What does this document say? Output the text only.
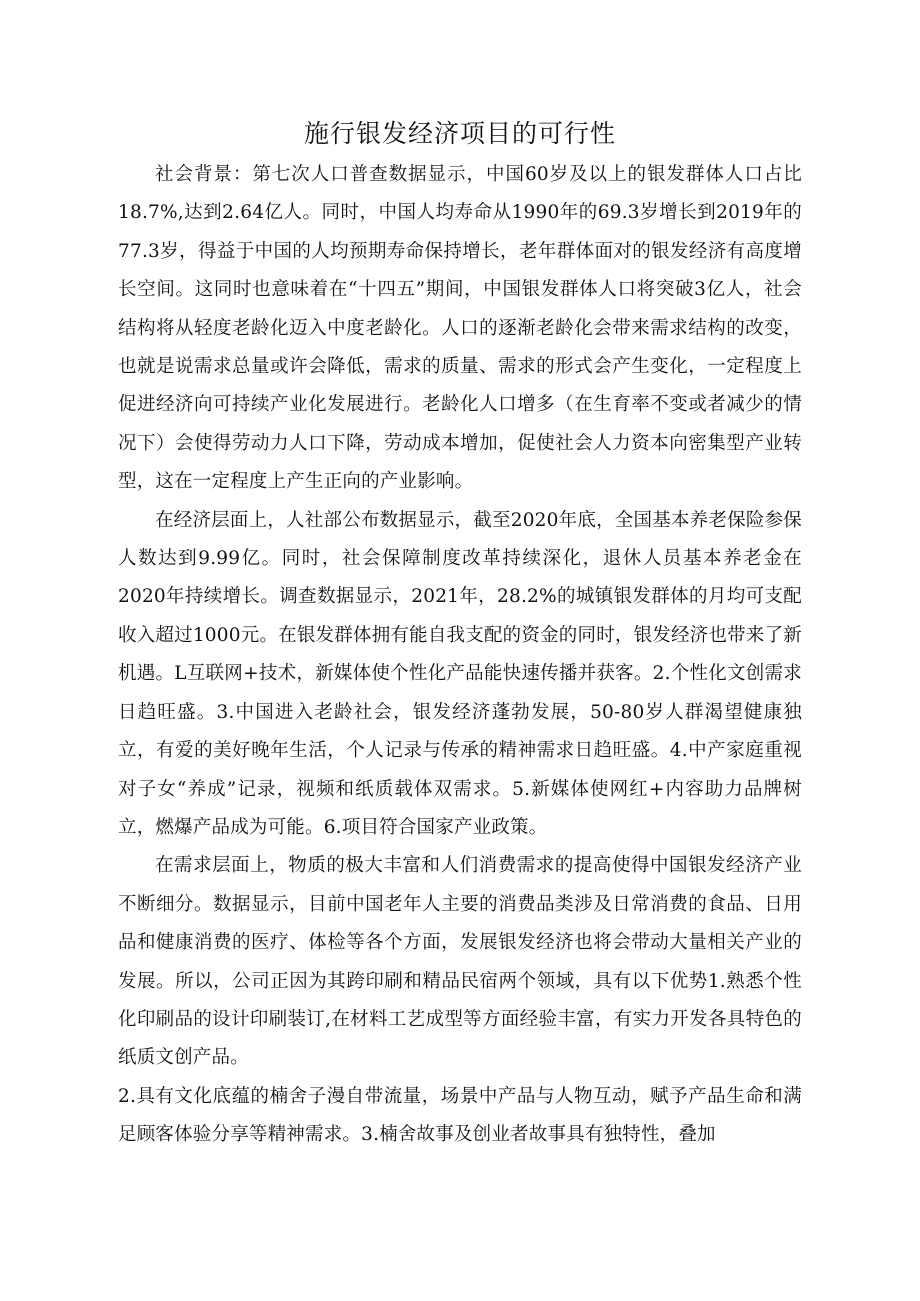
施行银发经济项目的可行性

社会背景：第七次人口普查数据显示，中国60岁及以上的银发群体人口占比18.7%,达到2.64亿人。同时，中国人均寿命从1990年的69.3岁增长到2019年的77.3岁，得益于中国的人均预期寿命保持增长，老年群体面对的银发经济有高度增长空间。这同时也意味着在“十四五”期间，中国银发群体人口将突破3亿人，社会结构将从轻度老龄化迈入中度老龄化。人口的逐渐老龄化会带来需求结构的改变，也就是说需求总量或许会降低，需求的质量、需求的形式会产生变化，一定程度上促进经济向可持续产业化发展进行。老龄化人口增多（在生育率不变或者减少的情况下）会使得劳动力人口下降，劳动成本增加，促使社会人力资本向密集型产业转型，这在一定程度上产生正向的产业影响。

在经济层面上，人社部公布数据显示，截至2020年底，全国基本养老保险参保人数达到9.99亿。同时，社会保障制度改革持续深化，退休人员基本养老金在2020年持续增长。调查数据显示，2021年，28.2%的城镇银发群体的月均可支配收入超过1000元。在银发群体拥有能自我支配的资金的同时，银发经济也带来了新机遇。L互联网+技术，新媒体使个性化产品能快速传播并获客。2.个性化文创需求日趋旺盛。3.中国进入老龄社会，银发经济蓬勃发展，50-80岁人群渴望健康独立，有爱的美好晚年生活，个人记录与传承的精神需求日趋旺盛。4.中产家庭重视对子女“养成”记录，视频和纸质载体双需求。5.新媒体使网红+内容助力品牌树立，燃爆产品成为可能。6.项目符合国家产业政策。

在需求层面上，物质的极大丰富和人们消费需求的提高使得中国银发经济产业不断细分。数据显示，目前中国老年人主要的消费品类涉及日常消费的食品、日用品和健康消费的医疗、体检等各个方面，发展银发经济也将会带动大量相关产业的发展。所以，公司正因为其跨印刷和精品民宿两个领域，具有以下优势1.熟悉个性化印刷品的设计印刷装订,在材料工艺成型等方面经验丰富，有实力开发各具特色的纸质文创产品。

2.具有文化底蕴的楠舍子漫自带流量，场景中产品与人物互动，赋予产品生命和满足顾客体验分享等精神需求。3.楠舍故事及创业者故事具有独特性，叠加
